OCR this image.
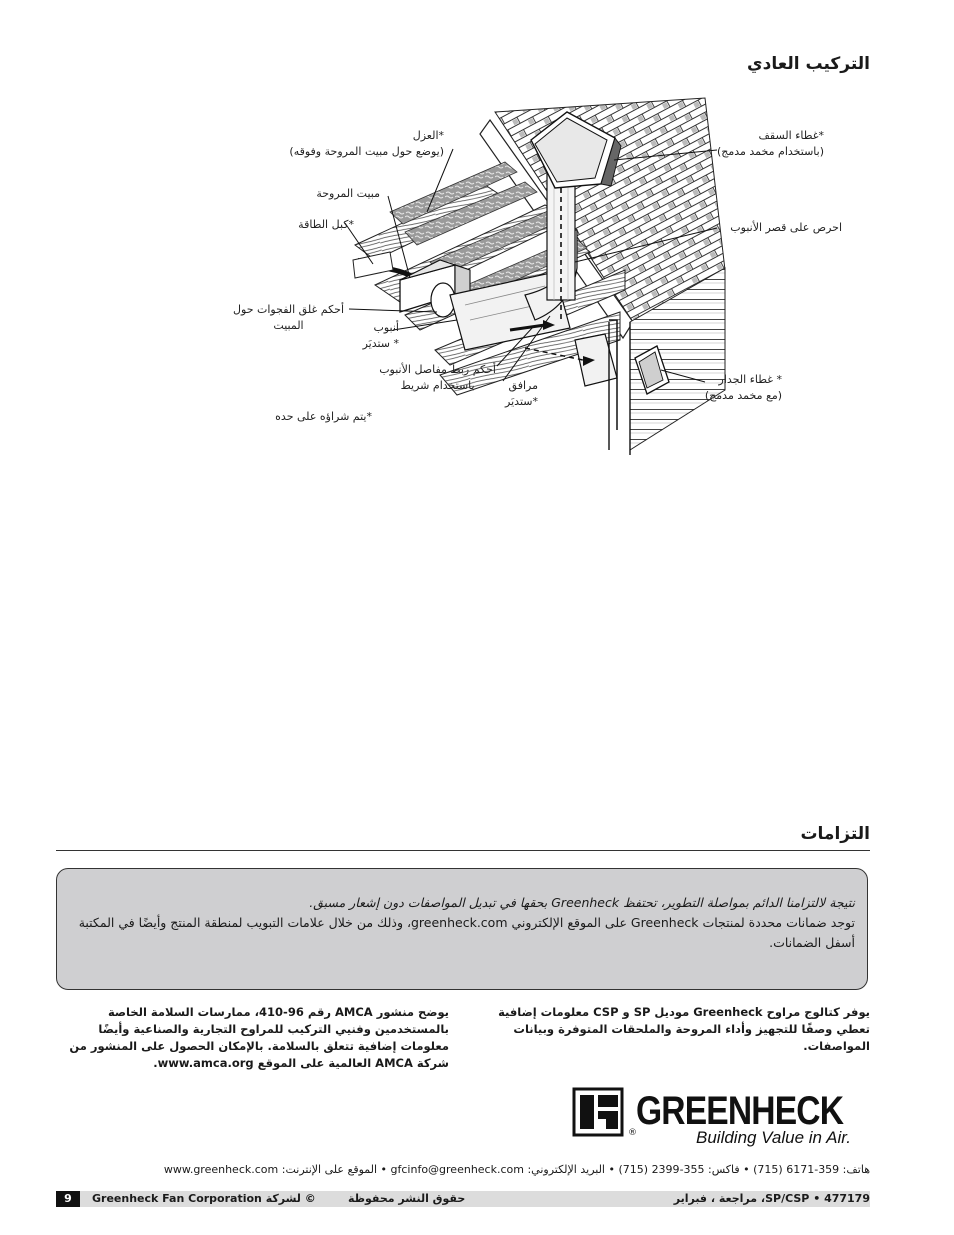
التركيب العادي
*العزل
(يوضع حول مبيت المروحة وفوقه)
مبيت المروحة
*كبل الطاقة
أحكم غلق الفجوات حول
المبيت	أنبوب
* ستديَر
أحكم ربط مفاصل الأنبوب
باستخدام شريط	مرافق
*ستديَر
*يتم شراؤه على حده
*غطاء السقف
(باستخدام مخمد مدمج)
احرص على قصر الأنبوب
* غطاء الجدار
(مع مخمد مدمج)
التزامات
نتيجة لالتزامنا الدائم بمواصلة التطوير، تحتفظ Greenheck بحقها في تبديل المواصفات دون إشعار مسبق.
توجد ضمانات محددة لمنتجات Greenheck على الموقع الإلكتروني greenheck.com، وذلك من خلال علامات التبويب لمنطقة المنتج وأيضًا في المكتبة أسفل الضمانات.
يوفر كتالوج مراوح Greenheck موديل SP و CSP معلومات إضافية تعطي وصفًا للتجهيز وأداء المروحة والملحقات المتوفرة وبيانات المواصفات.
يوضح منشور AMCA رقم 96-410، ممارسات السلامة الخاصة بالمستخدمين وفنيي التركيب للمراوح التجارية والصناعية وأيضًا معلومات إضافية تتعلق بالسلامة. بالإمكان الحصول على المنشور من شركة AMCA العالمية على الموقع www.amca.org.
GREENHECK
®	Building Value in Air.
هاتف: 359-6171 (715) • فاكس: 355-2399 (715) • البريد الإلكتروني: gfcinfo@greenheck.com • الموقع على الإنترنت: www.greenheck.com
9	© لشركة Greenheck Fan Corporation	حقوق النشر محفوظة	477179 • SP/CSP، مراجعة ، فبراير
